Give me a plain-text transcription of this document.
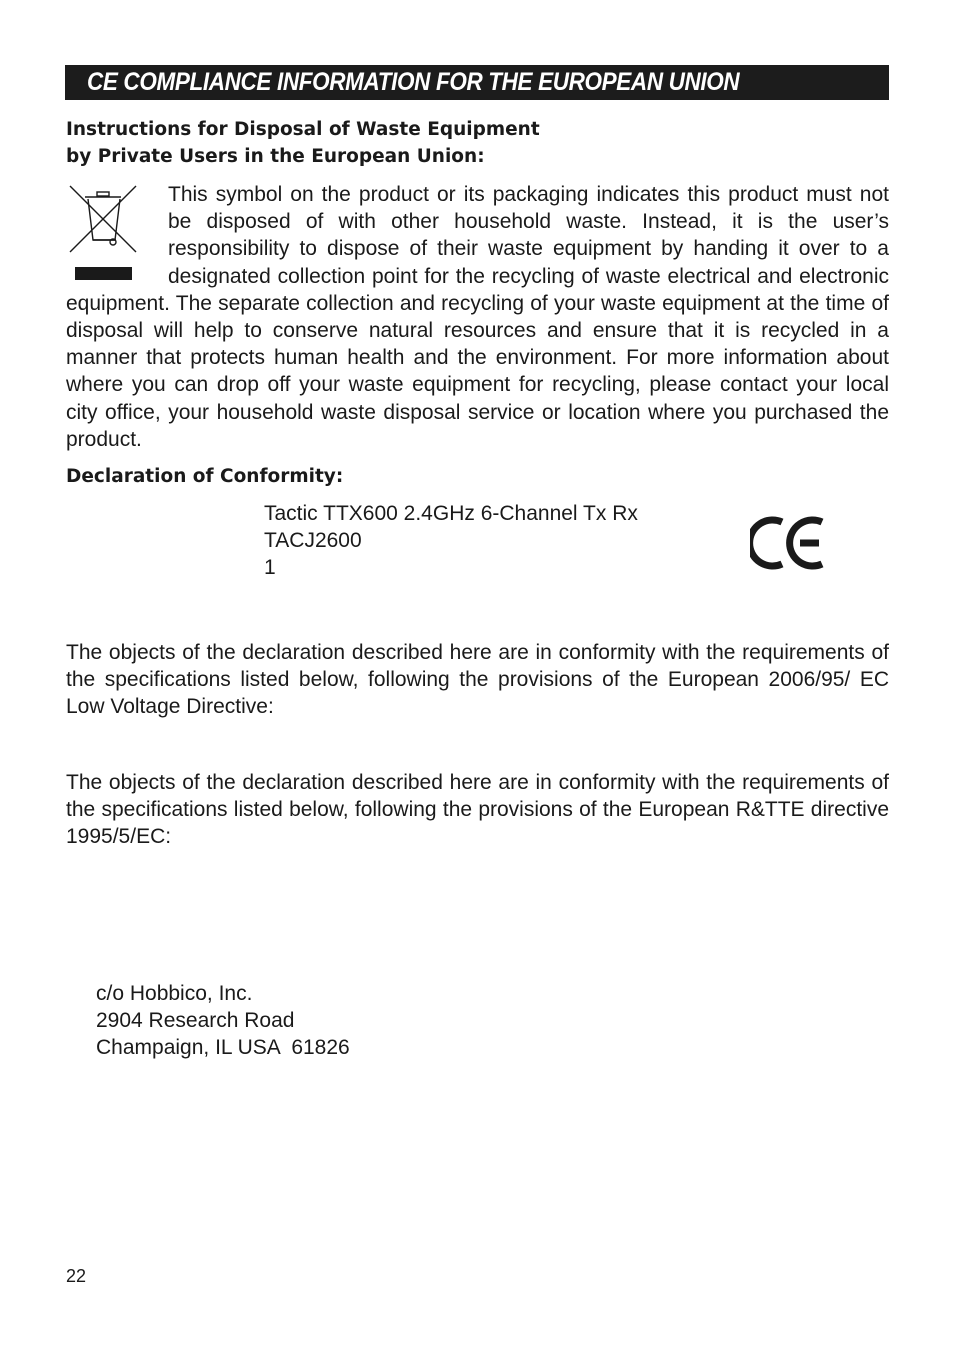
CE COMPLIANCE INFORMATION FOR THE EUROPEAN UNION
Instructions for Disposal of Waste Equipment
by Private Users in the European Union:
This symbol on the product or its packaging indicates this product must not be disposed of with other household waste. Instead, it is the user’s responsibility to dispose of their waste equipment by handing it over to a designated collection point for the recycling of waste electrical and electronic equipment. The separate collection and recycling of your waste equipment at the time of disposal will help to conserve natural resources and ensure that it is recycled in a manner that protects human health and the environment. For more information about where you can drop off your waste equipment for recycling, please contact your local city office, your household waste disposal service or location where you purchased the product.
Declaration of Conformity:
Tactic TTX600 2.4GHz 6-Channel Tx Rx
TACJ2600
1
The objects of the declaration described here are in conformity with the requirements of the specifications listed below, following the provisions of the European 2006/95/ EC Low Voltage Directive:
The objects of the declaration described here are in conformity with the requirements of the specifications listed below, following the provisions of the European R&TTE directive 1995/5/EC:
c/o Hobbico, Inc.
2904 Research Road
Champaign, IL USA  61826
22
